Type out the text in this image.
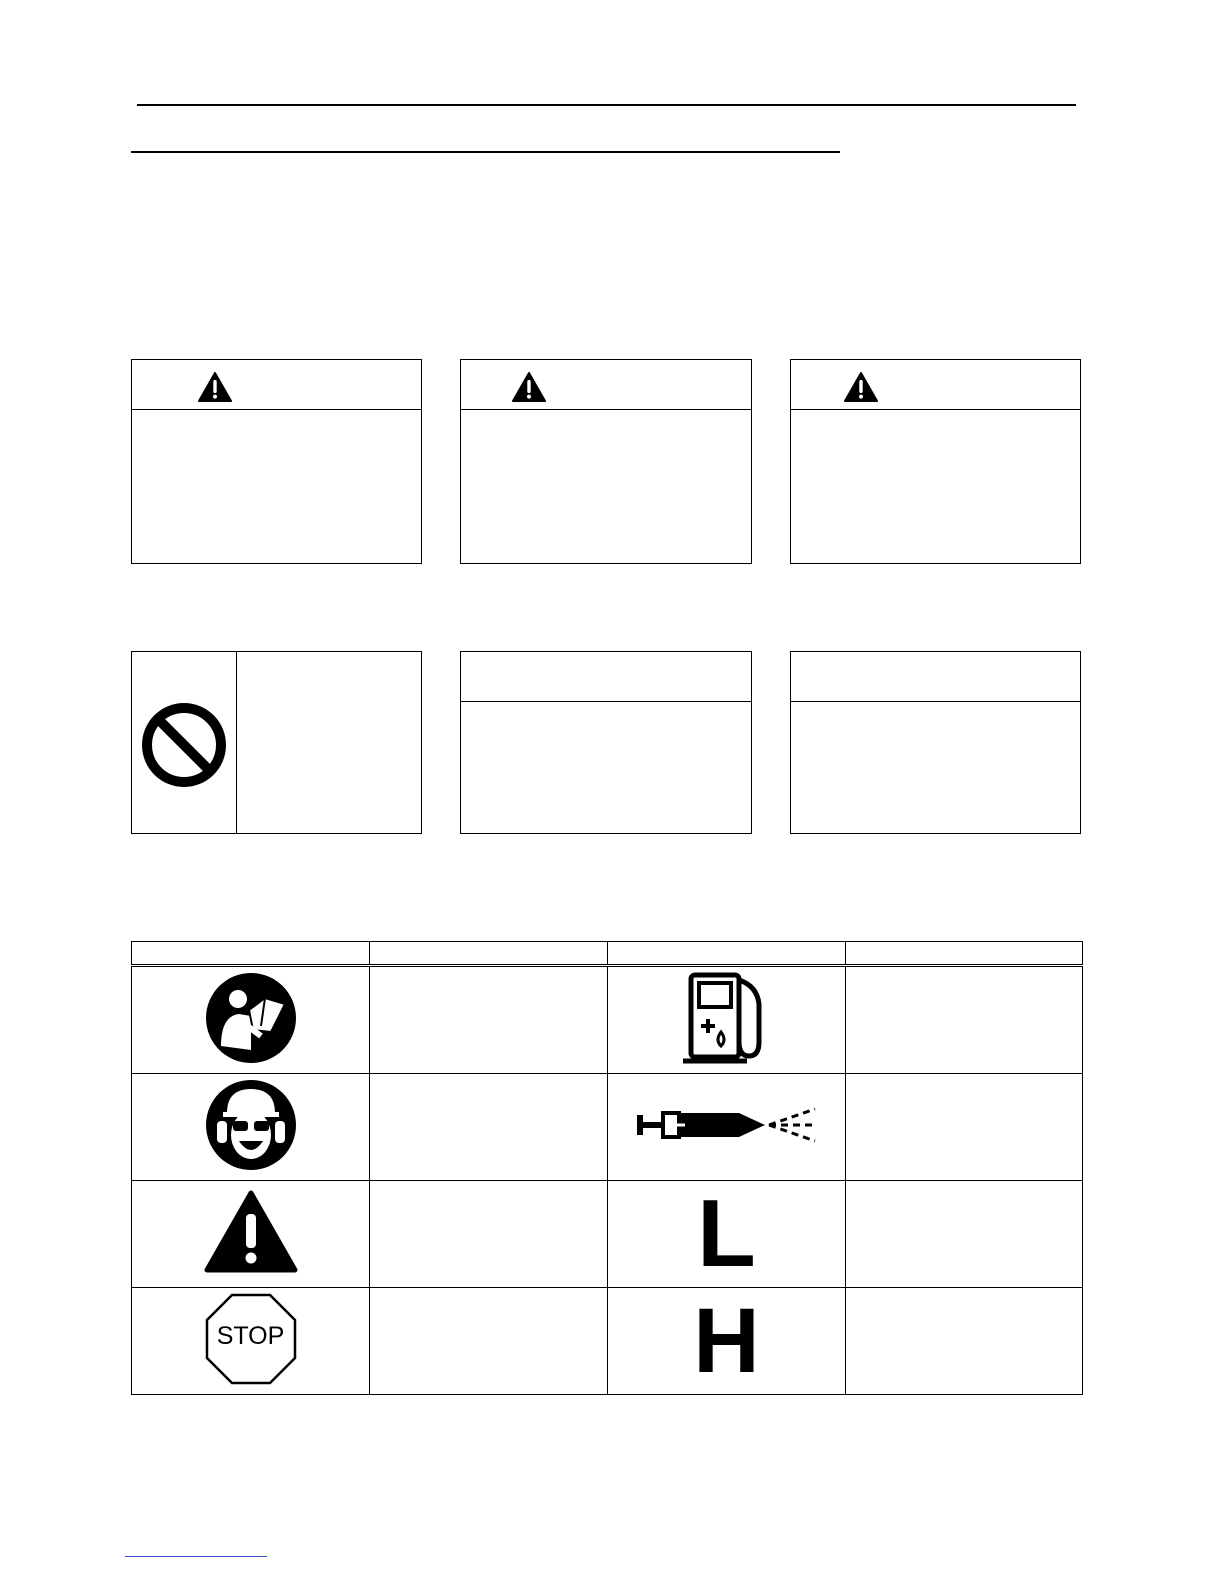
		L	

STOP		H	
